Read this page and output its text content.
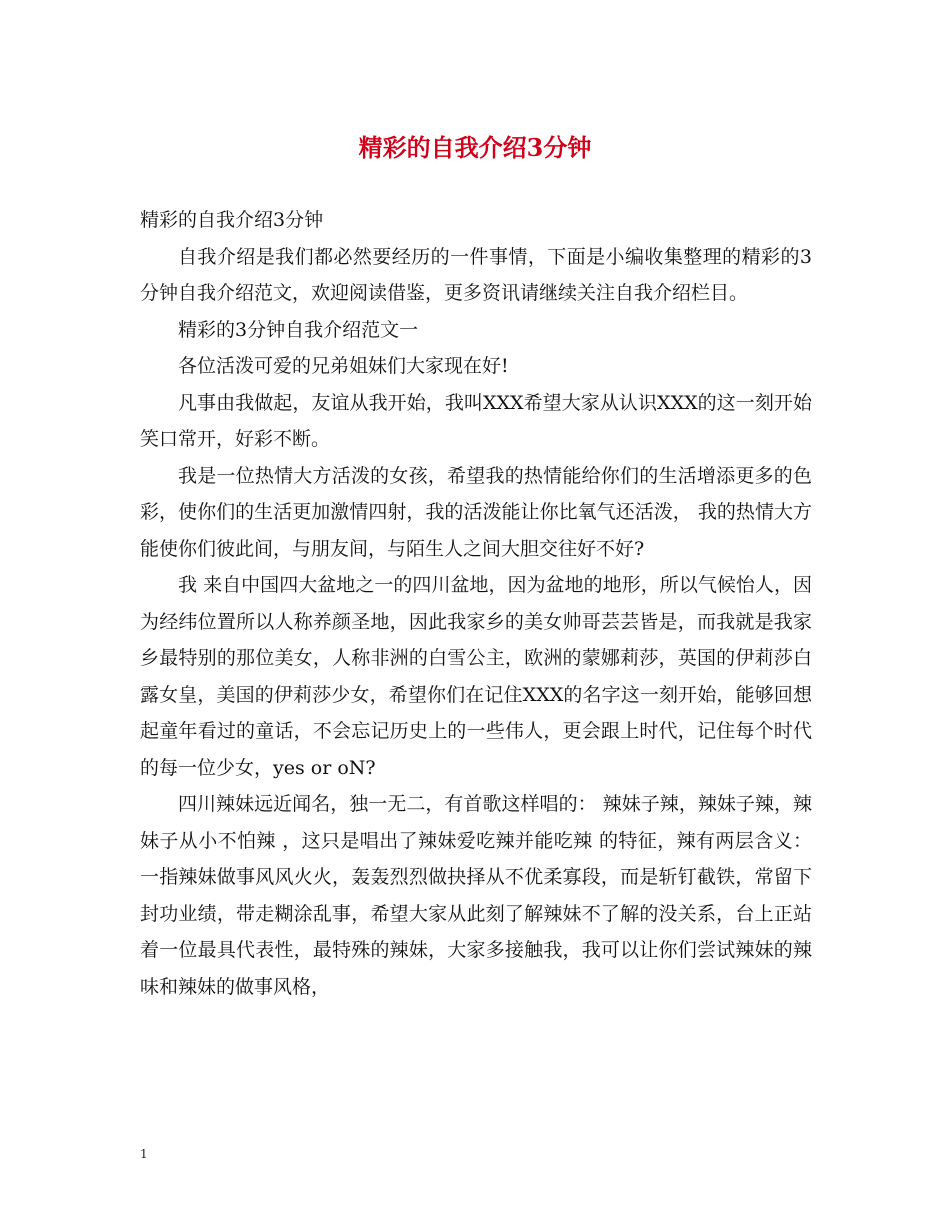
精彩的自我介绍3分钟

精彩的自我介绍3分钟

自我介绍是我们都必然要经历的一件事情，下面是小编收集整理的精彩的3分钟自我介绍范文，欢迎阅读借鉴，更多资讯请继续关注自我介绍栏目。

精彩的3分钟自我介绍范文一

各位活泼可爱的兄弟姐妹们大家现在好!

凡事由我做起，友谊从我开始，我叫XXX希望大家从认识XXX的这一刻开始笑口常开，好彩不断。

我是一位热情大方活泼的女孩，希望我的热情能给你们的生活增添更多的色彩，使你们的生活更加激情四射，我的活泼能让你比氧气还活泼， 我的热情大方能使你们彼此间，与朋友间，与陌生人之间大胆交往好不好?

我 来自中国四大盆地之一的四川盆地，因为盆地的地形，所以气候怡人，因为经纬位置所以人称养颜圣地，因此我家乡的美女帅哥芸芸皆是，而我就是我家乡最特别的那位美女，人称非洲的白雪公主，欧洲的蒙娜莉莎，英国的伊莉莎白露女皇，美国的伊莉莎少女，希望你们在记住XXX的名字这一刻开始，能够回想起童年看过的童话，不会忘记历史上的一些伟人，更会跟上时代，记住每个时代的每一位少女，yes or oN?

四川辣妹远近闻名，独一无二，有首歌这样唱的： 辣妹子辣，辣妹子辣，辣妹子从小不怕辣 ，这只是唱出了辣妹爱吃辣并能吃辣 的特征，辣有两层含义：一指辣妹做事风风火火，轰轰烈烈做抉择从不优柔寡段，而是斩钉截铁，常留下封功业绩，带走糊涂乱事，希望大家从此刻了解辣妹不了解的没关系，台上正站着一位最具代表性，最特殊的辣妹，大家多接触我，我可以让你们尝试辣妹的辣味和辣妹的做事风格，

1
